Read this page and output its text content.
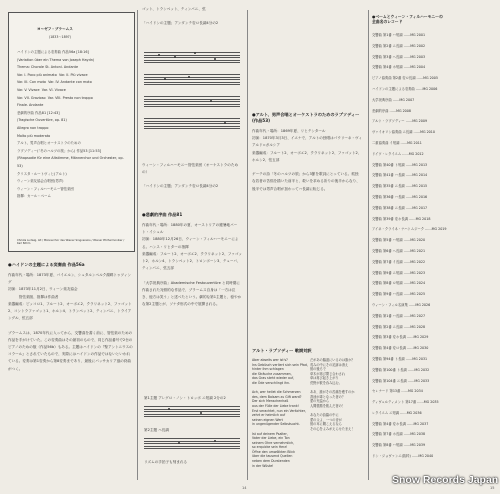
ヨーゼフ・ブラームス
(1833〜1897)
ハイドンの主題による変奏曲 作品56a [18:16]
(Variation über ein Thema von Joseph Haydn)
Thema: Chorale St. Antoni. Andante
Var. I. Poco più animato  Var. II. Più vivace
Var. III. Con moto  Var. IV. Andante con moto
Var. V. Vivace  Var. VI. Vivace
Var. VII. Grazioso  Var. VIII. Presto non troppo
Finale. Andante
悲劇的序曲 作品81 [12:43]
(Tragische Ouvertüre, op. 81)
Allegro non troppo
Molto più moderato
アルト、男声合唱とオーケストラのための
ラプソディー(「冬のハルツの旅」から) 作品53 [11:53]
(Rhapsodie für eine Altstimme, Männerchor und Orchester, op. 53)
クリスタ・ルートヴィヒ(アルト)
ウィーン楽友協会合唱団(男声)
ウィーン・フィルハーモニー管弦楽団
指揮：カール・ベーム
Christa Ludwig, Alt / Männerchor des Wiener Singvereins / Wiener Philharmoniker / Karl Böhm
●ハイドンの主題による変奏曲 作品56a
作曲年代・場所：1873年夏、バイエルン、シュタルンベルク湖畔トゥツィング
初演：1873年11月2日、ウィーン楽友協会
　　　管弦楽版、指揮は作曲者
楽器編成：ピッコロ1、フルート2、オーボエ2、クラリネット2、ファゴット2、コントラファゴット1、ホルン4、トランペット2、ティンパニ、トライアングル、弦五部

ブラームスは、1870年代に入ってから、交響曲を書く前に、管弦楽のための作品を手がけていた。この変奏曲はその最初のもので、同じ作品番号で2台のピアノのための版（作品56b）もある。主題はハイドンの『聖アントニウスのコラール』とされていたもので、実際にはハイドンの作品ではないといわれている。変奏は第1変奏から第8変奏まであり、最後にパッサカリア風の終曲がつく。
ゴット、トランペット、ティンパニ、弦

「ハイドンの主題」アンダンテ変ロ長調4分の2
ウィーン・フィルハーモニー管弦楽団（オーケストラのための）

「ハイドンの主題」アンダンテ変ロ長調4分の2
●悲劇的序曲 作品81
作曲年代・場所：1880年の夏、オーストリアの避暑地バート・イシュル
初演：1880年12月26日、ウィーン・フィルハーモニーによる。ハンス・リヒターの指揮
楽器編成：フルート2、オーボエ2、クラリネット2、ファゴット2、ホルン4、トランペット2、トロンボーン3、テューバ、ティンパニ、弦五部

「大学祝典序曲」Akademische Festouvertüre と同時期に作曲された対照的な作品で、ブラームス自身は「一方は泣き、他方は笑う」と述べたという。劇的な第1主題と、穏やかな第2主題とが、ソナタ形式の中で展開される。
第1主題 アレグロ・ノン・トロッポ ニ短調 2分の2
第2主題 ヘ長調
リズムの手拍子も刻まれる
●アルト、男声合唱とオーケストラのためのラプソディー(作品53)
作曲年代・場所：1869年夏、リヒテンタール
初演：1870年3月3日、イエナで、アルトの独唱はパウリーネ・ヴィアルド=ガルシア
楽器編成：フルート2、オーボエ2、クラリネット2、ファゴット2、ホルン2、弦五部

ゲーテの詩「冬のハルツの旅」から3節を歌詞にとっている。孤独な若者の苦悩を描いた前半と、救いを求める祈りの後半からなり、後半では男声合唱が加わってハ長調に転じる。
アルト・ラプソディー 歌詞対訳
Aber abseits wer ist's?
Ins Gebüsch verliert sich sein Pfad,
hinter ihm schlagen
die Sträuche zusammen,
das Gras steht wieder auf,
die Öde verschlingt ihn.

Ach, wer heilet die Schmerzen
des, dem Balsam zu Gift ward?
Der sich Menschenhaß
aus der Fülle der Liebe trank!
Erst verachtet, nun ein Verächter,
zehrt er heimlich auf
seinen eignen Wert
in ungenügender Selbstsucht.

Ist auf deinem Psalter,
Vater der Liebe, ein Ton
seinem Ohre vernehmlich,
so erquicke sein Herz!
Öffne den umwölkten Blick
über die tausend Quellen
neben dem Durstenden
in der Wüste!
だがあの脇道にいるのは誰か？
茂みの中にその足跡は消え
彼の後ろで
草木が再び閉じ合わされ
草は再び起き上がり
荒野が彼を呑み込む。

ああ、誰がその苦痛を癒すのか
香油が毒となった者の？
愛の充溢から
人間憎悪を飲んだ者の！

あなたの詩篇の中に
愛の父よ、一つの音が
彼の耳に聞こえるなら
その心をよみがえらせたまえ！
●ベームとウィーン・フィルハーモニーの
全曲名のレコード
交響曲 第1番 ハ短調 ……MG 2001
交響曲 第2番 ニ長調 ……MG 2002
交響曲 第3番 ヘ長調 ……MG 2003
交響曲 第4番 ホ短調 ……MG 2004
ピアノ協奏曲 第2番 変ロ長調 ……MG 2005
ハイドンの主題による変奏曲 ……MG 2006
大学祝典序曲 ……MG 2007
悲劇的序曲 ……MG 2008
アルト・ラプソディー ……MG 2009
ヴァイオリン協奏曲 ニ長調 ……MG 2010
二重協奏曲 イ短調 ……MG 2011
ドイツ・レクイエム ……MG 2012
交響曲 第40番 ト短調 ……MG 2013
交響曲 第41番 ハ長調 ……MG 2014
交響曲 第35番 ニ長調 ……MG 2015
交響曲 第36番 ハ長調 ……MG 2016
交響曲 第38番 ニ長調 ……MG 2017
交響曲 第39番 変ホ長調 ……MG 2018
アイネ・クライネ・ナハトムジーク ……MG 2019
交響曲 第5番 ハ短調 ……MG 2020
交響曲 第6番 ヘ長調 ……MG 2021
交響曲 第7番 イ長調 ……MG 2022
交響曲 第9番 ニ短調 ……MG 2023
交響曲 第8番 ロ短調 ……MG 2024
交響曲 第9番 ハ長調 ……MG 2025
ウィーン・フィル名演集 ……MG 2026
交響曲 第1番 ハ長調 ……MG 2027
交響曲 第2番 ニ長調 ……MG 2028
交響曲 第3番 変ホ長調 ……MG 2029
交響曲 第4番 変ロ長調 ……MG 2030
交響曲 第94番 ト長調 ……MG 2031
交響曲 第100番 ト長調 ……MG 2032
交響曲 第104番 ニ長調 ……MG 2033
セレナード 第13番 ……MG 2034
ディヴェルティメント 第17番 ……MG 2035
レクイエム ニ短調 ……MG 2036
交響曲 第4番 変ホ長調 ……MG 2037
交響曲 第7番 ホ長調 ……MG 2038
交響曲 第8番 ハ短調 ……MG 2039
ドン・ジョヴァンニ(抜粋) ……MG 2040
14	15
Snow Records Japan
